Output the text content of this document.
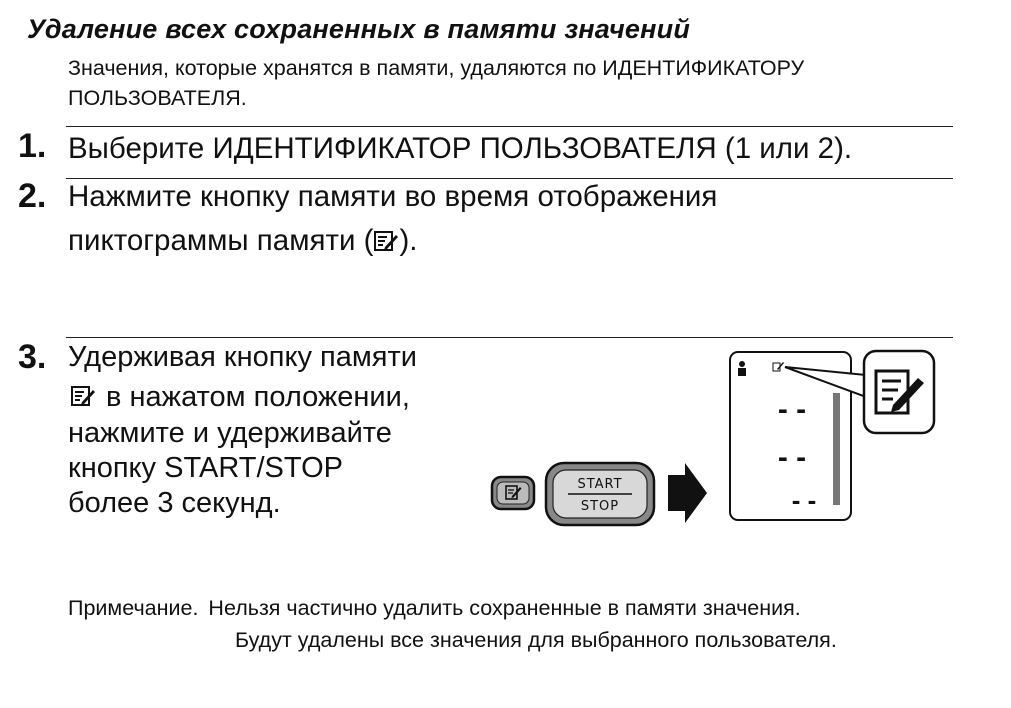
Удаление всех сохраненных в памяти значений
Значения, которые хранятся в памяти, удаляются по ИДЕНТИФИКАТОРУ
ПОЛЬЗОВАТЕЛЯ.
1. Выберите ИДЕНТИФИКАТОР ПОЛЬЗОВАТЕЛЯ (1 или 2).
2. Нажмите кнопку памяти во время отображения
пиктограммы памяти ( ).
3. Удерживая кнопку памяти
в нажатом положении,
нажмите и удерживайте
кнопку START/STOP
более 3 секунд.
START
STOP
- -
- -
- -
Примечание. Нельзя частично удалить сохраненные в памяти значения.
Будут удалены все значения для выбранного пользователя.
